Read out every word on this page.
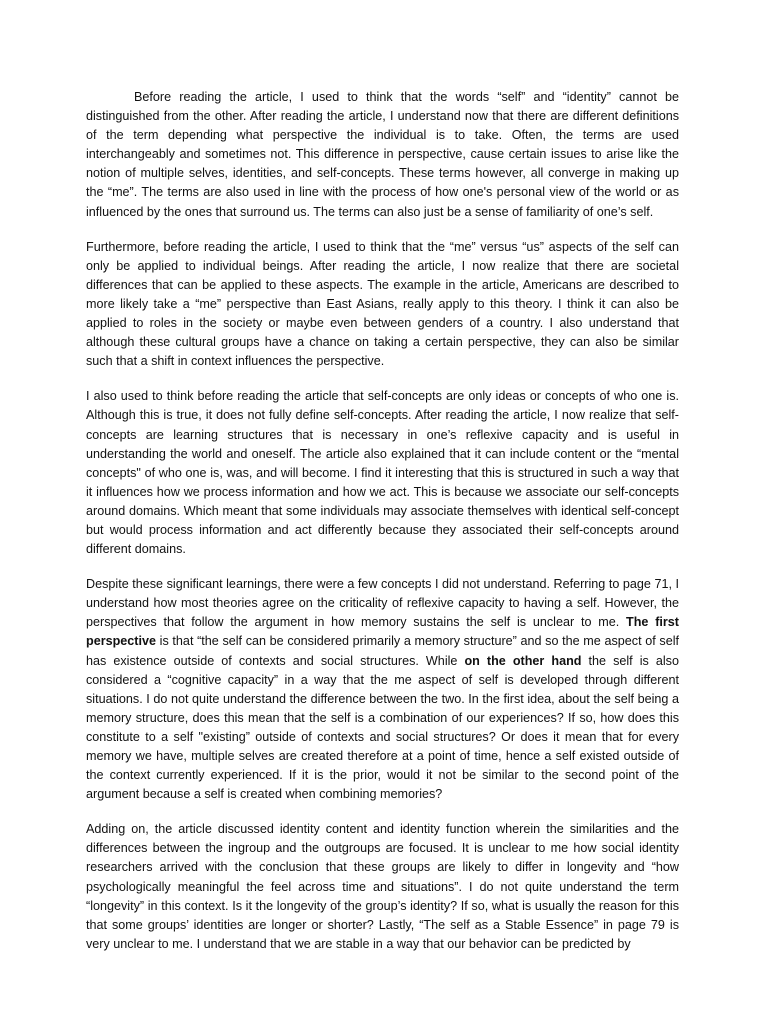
Before reading the article, I used to think that the words “self” and “identity” cannot be distinguished from the other. After reading the article, I understand now that there are different definitions of the term depending what perspective the individual is to take. Often, the terms are used interchangeably and sometimes not. This difference in perspective, cause certain issues to arise like the notion of multiple selves, identities, and self-concepts. These terms however, all converge in making up the “me”. The terms are also used in line with the process of how one's personal view of the world or as influenced by the ones that surround us. The terms can also just be a sense of familiarity of one’s self.

Furthermore, before reading the article, I used to think that the “me” versus “us” aspects of the self can only be applied to individual beings. After reading the article, I now realize that there are societal differences that can be applied to these aspects. The example in the article, Americans are described to more likely take a “me” perspective than East Asians, really apply to this theory. I think it can also be applied to roles in the society or maybe even between genders of a country. I also understand that although these cultural groups have a chance on taking a certain perspective, they can also be similar such that a shift in context influences the perspective.

I also used to think before reading the article that self-concepts are only ideas or concepts of who one is. Although this is true, it does not fully define self-concepts. After reading the article, I now realize that self-concepts are learning structures that is necessary in one’s reflexive capacity and is useful in understanding the world and oneself. The article also explained that it can include content or the “mental concepts" of who one is, was, and will become. I find it interesting that this is structured in such a way that it influences how we process information and how we act. This is because we associate our self-concepts around domains. Which meant that some individuals may associate themselves with identical self-concept but would process information and act differently because they associated their self-concepts around different domains.

Despite these significant learnings, there were a few concepts I did not understand. Referring to page 71, I understand how most theories agree on the criticality of reflexive capacity to having a self. However, the perspectives that follow the argument in how memory sustains the self is unclear to me. The first perspective is that “the self can be considered primarily a memory structure” and so the me aspect of self has existence outside of contexts and social structures. While on the other hand the self is also considered a “cognitive capacity” in a way that the me aspect of self is developed through different situations. I do not quite understand the difference between the two. In the first idea, about the self being a memory structure, does this mean that the self is a combination of our experiences? If so, how does this constitute to a self "existing” outside of contexts and social structures? Or does it mean that for every memory we have, multiple selves are created therefore at a point of time, hence a self existed outside of the context currently experienced. If it is the prior, would it not be similar to the second point of the argument because a self is created when combining memories?

Adding on, the article discussed identity content and identity function wherein the similarities and the differences between the ingroup and the outgroups are focused. It is unclear to me how social identity researchers arrived with the conclusion that these groups are likely to differ in longevity and “how psychologically meaningful the feel across time and situations”. I do not quite understand the term “longevity” in this context. Is it the longevity of the group’s identity? If so, what is usually the reason for this that some groups’ identities are longer or shorter? Lastly, “The self as a Stable Essence” in page 79 is very unclear to me. I understand that we are stable in a way that our behavior can be predicted by
